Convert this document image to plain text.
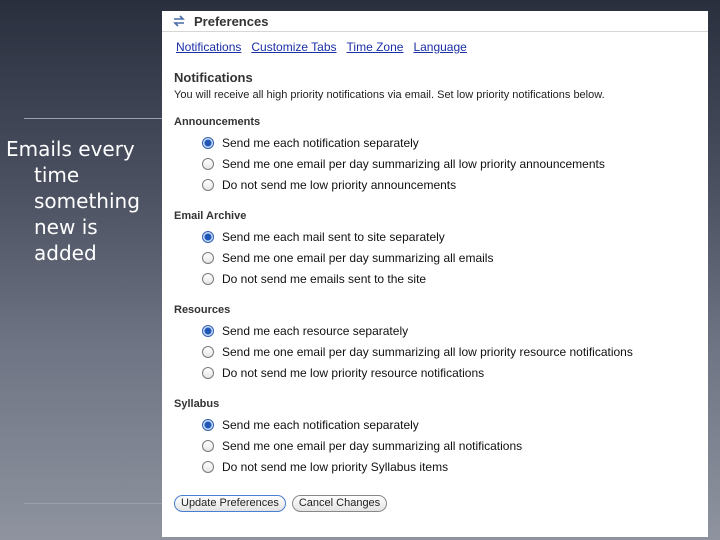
Emails every
time
something
new is
added
Preferences
Notifications Customize Tabs Time Zone Language
Notifications
You will receive all high priority notifications via email. Set low priority notifications below.
Announcements
Send me each notification separately
Send me one email per day summarizing all low priority announcements
Do not send me low priority announcements
Email Archive
Send me each mail sent to site separately
Send me one email per day summarizing all emails
Do not send me emails sent to the site
Resources
Send me each resource separately
Send me one email per day summarizing all low priority resource notifications
Do not send me low priority resource notifications
Syllabus
Send me each notification separately
Send me one email per day summarizing all notifications
Do not send me low priority Syllabus items
Update Preferences	Cancel Changes
